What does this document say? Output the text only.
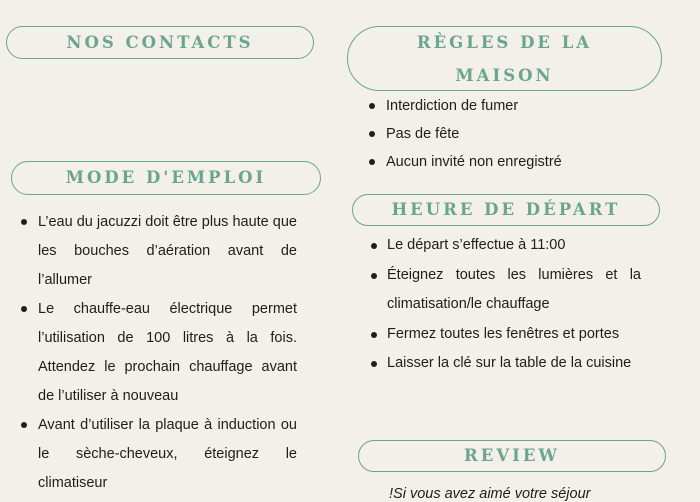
NOS CONTACTS	RÈGLES DE LA MAISON
Interdiction de fumer
Pas de fête
Aucun invité non enregistré
MODE D'EMPLOI
L’eau du jacuzzi doit être plus haute que les bouches d’aération avant de l’allumer
Le chauffe-eau électrique permet l’utilisation de 100 litres à la fois. Attendez le prochain chauffage avant de l’utiliser à nouveau
Avant d’utiliser la plaque à induction ou le sèche-cheveux, éteignez le climatiseur
HEURE DE DÉPART
Le départ s’effectue à 11:00
Éteignez toutes les lumières et la climatisation/le chauffage
Fermez toutes les fenêtres et portes
Laisser la clé sur la table de la cuisine
REVIEW
!Si vous avez aimé votre séjour
